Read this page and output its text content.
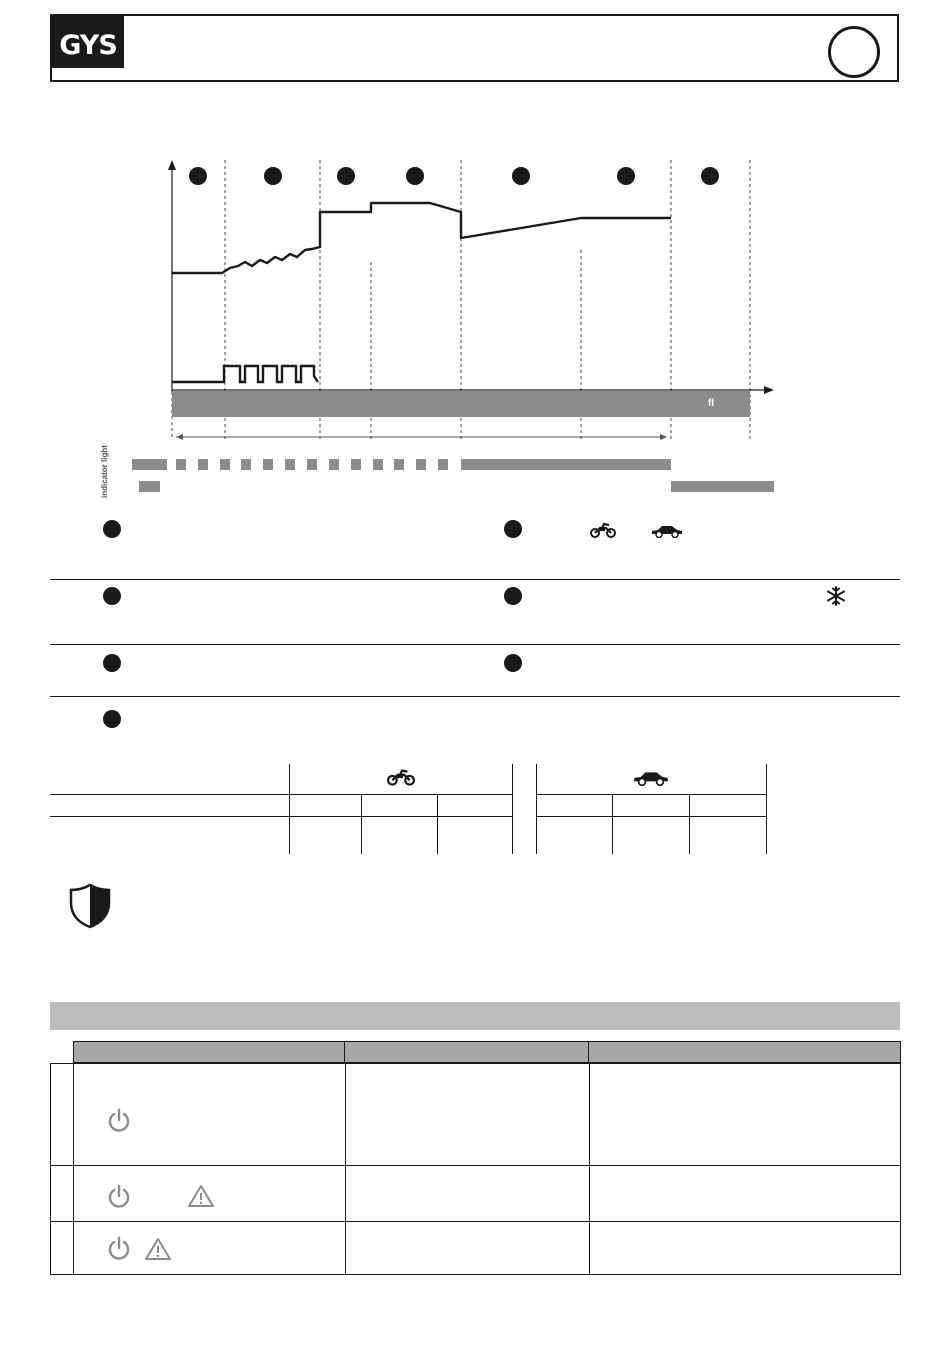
GYS
fl
indicator light
